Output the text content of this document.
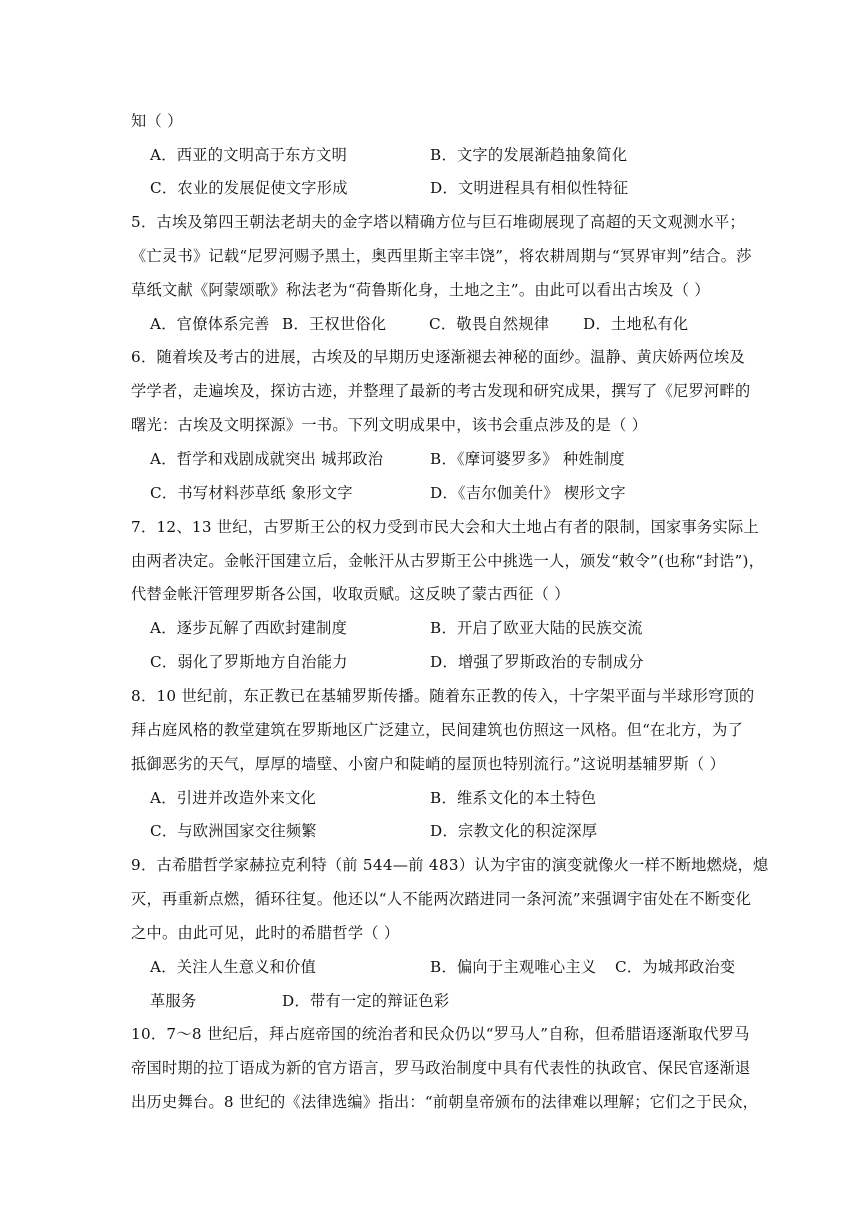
知（ ）
A．西亚的文明高于东方文明	B．文字的发展渐趋抽象简化
C．农业的发展促使文字形成	D．文明进程具有相似性特征
5．古埃及第四王朝法老胡夫的金字塔以精确方位与巨石堆砌展现了高超的天文观测水平；
《亡灵书》记载“尼罗河赐予黑土，奥西里斯主宰丰饶”，将农耕周期与“冥界审判”结合。莎
草纸文献《阿蒙颂歌》称法老为“荷鲁斯化身，土地之主”。由此可以看出古埃及（ ）
A．官僚体系完善 B．王权世俗化	C．敬畏自然规律 D．土地私有化
6．随着埃及考古的进展，古埃及的早期历史逐渐褪去神秘的面纱。温静、黄庆娇两位埃及
学学者，走遍埃及，探访古迹，并整理了最新的考古发现和研究成果，撰写了《尼罗河畔的
曙光：古埃及文明探源》一书。下列文明成果中，该书会重点涉及的是（ ）
A．哲学和戏剧成就突出 城邦政治	B．《摩诃婆罗多》 种姓制度
C．书写材料莎草纸 象形文字	D．《吉尔伽美什》 楔形文字
7．12、13 世纪，古罗斯王公的权力受到市民大会和大土地占有者的限制，国家事务实际上
由两者决定。金帐汗国建立后，金帐汗从古罗斯王公中挑选一人，颁发“敕令”(也称“封诰”)，
代替金帐汗管理罗斯各公国，收取贡赋。这反映了蒙古西征（ ）
A．逐步瓦解了西欧封建制度	B．开启了欧亚大陆的民族交流
C．弱化了罗斯地方自治能力	D．增强了罗斯政治的专制成分
8．10 世纪前，东正教已在基辅罗斯传播。随着东正教的传入，十字架平面与半球形穹顶的
拜占庭风格的教堂建筑在罗斯地区广泛建立，民间建筑也仿照这一风格。但“在北方，为了
抵御恶劣的天气，厚厚的墙壁、小窗户和陡峭的屋顶也特别流行。”这说明基辅罗斯（ ）
A．引进并改造外来文化	B．维系文化的本土特色
C．与欧洲国家交往频繁	D．宗教文化的积淀深厚
9．古希腊哲学家赫拉克利特（前 544—前 483）认为宇宙的演变就像火一样不断地燃烧，熄
灭，再重新点燃，循环往复。他还以“人不能两次踏进同一条河流”来强调宇宙处在不断变化
之中。由此可见，此时的希腊哲学（ ）
A．关注人生意义和价值	B．偏向于主观唯心主义 C．为城邦政治变
革服务	D．带有一定的辩证色彩
10．7～8 世纪后，拜占庭帝国的统治者和民众仍以“罗马人”自称，但希腊语逐渐取代罗马
帝国时期的拉丁语成为新的官方语言，罗马政治制度中具有代表性的执政官、保民官逐渐退
出历史舞台。8 世纪的《法律选编》指出：“前朝皇帝颁布的法律难以理解；它们之于民众，
